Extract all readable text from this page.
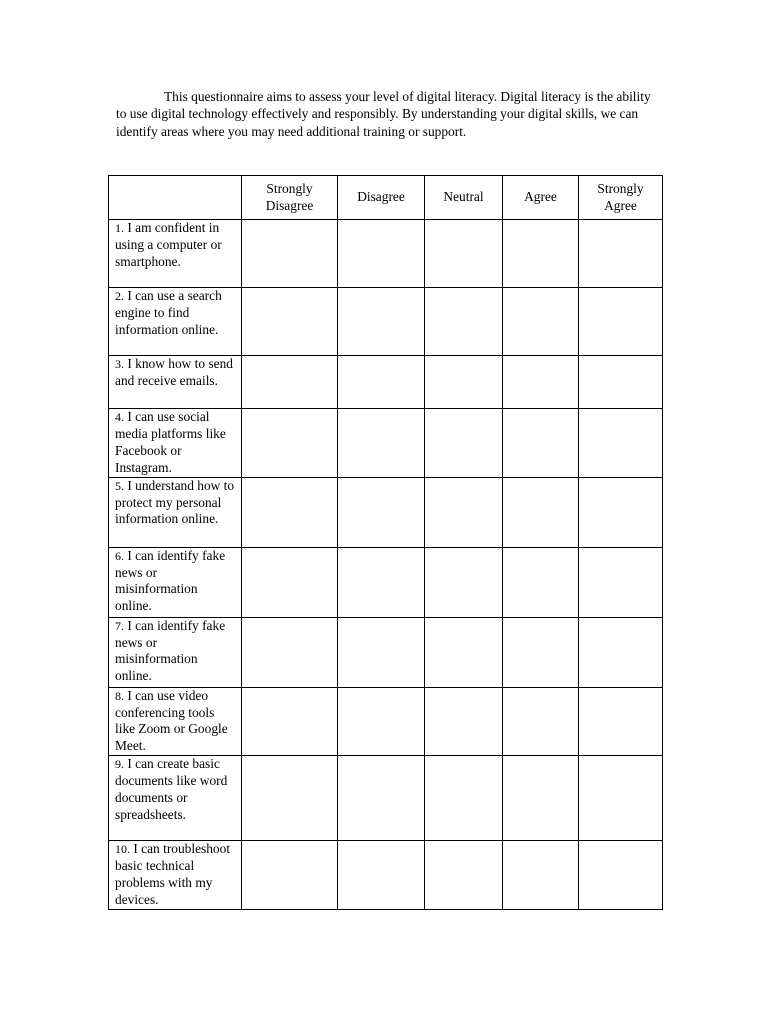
This questionnaire aims to assess your level of digital literacy. Digital literacy is the ability to use digital technology effectively and responsibly. By understanding your digital skills, we can identify areas where you may need additional training or support.

	Strongly Disagree	Disagree	Neutral	Agree	Strongly Agree

1. I am confident in using a computer or smartphone.					
2. I can use a search engine to find information online.					
3. I know how to send and receive emails.					
4. I can use social media platforms like Facebook or Instagram.					
5. I understand how to protect my personal information online.					
6. I can identify fake news or misinformation online.					
7. I can identify fake news or misinformation online.					
8. I can use video conferencing tools like Zoom or Google Meet.					
9. I can create basic documents like word documents or spreadsheets.					
10. I can troubleshoot basic technical problems with my devices.					
